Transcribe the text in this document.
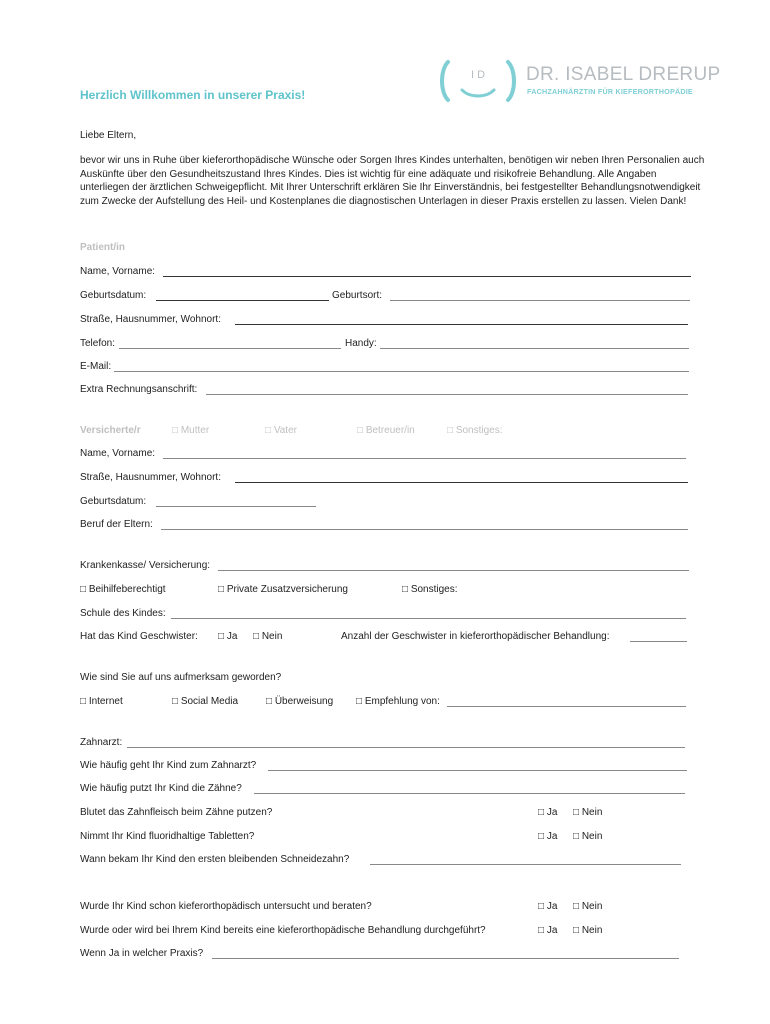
I D DR. ISABEL DRERUP
FACHZAHNÄRZTIN FÜR KIEFERORTHOPÄDIE
Herzlich Willkommen in unserer Praxis!
Liebe Eltern,
bevor wir uns in Ruhe über kieferorthopädische Wünsche oder Sorgen Ihres Kindes unterhalten, benötigen wir neben Ihren Personalien auch Auskünfte über den Gesundheitszustand Ihres Kindes. Dies ist wichtig für eine adäquate und risikofreie Behandlung. Alle Angaben unterliegen der ärztlichen Schweigepflicht. Mit Ihrer Unterschrift erklären Sie Ihr Einverständnis, bei festgestellter Behandlungsnotwendigkeit zum Zwecke der Aufstellung des Heil- und Kostenplanes die diagnostischen Unterlagen in dieser Praxis erstellen zu lassen. Vielen Dank!
Patient/in
Name, Vorname:
Geburtsdatum:	Geburtsort:
Straße, Hausnummer, Wohnort:
Telefon:	Handy:
E-Mail:
Extra Rechnungsanschrift:
Versicherte/r	□ Mutter	□ Vater	□ Betreuer/in	□ Sonstiges:
Name, Vorname:
Straße, Hausnummer, Wohnort:
Geburtsdatum:
Beruf der Eltern:
Krankenkasse/ Versicherung:
□ Beihilfeberechtigt	□ Private Zusatzversicherung	□ Sonstiges:
Schule des Kindes:
Hat das Kind Geschwister: □ Ja □ Nein	Anzahl der Geschwister in kieferorthopädischer Behandlung:
Wie sind Sie auf uns aufmerksam geworden?
□ Internet	□ Social Media	□ Überweisung □ Empfehlung von:
Zahnarzt:
Wie häufig geht Ihr Kind zum Zahnarzt?
Wie häufig putzt Ihr Kind die Zähne?
Blutet das Zahnfleisch beim Zähne putzen?	□ Ja □ Nein
Nimmt Ihr Kind fluoridhaltige Tabletten?	□ Ja □ Nein
Wann bekam Ihr Kind den ersten bleibenden Schneidezahn?
Wurde Ihr Kind schon kieferorthopädisch untersucht und beraten?	□ Ja □ Nein
Wurde oder wird bei Ihrem Kind bereits eine kieferorthopädische Behandlung durchgeführt?	□ Ja □ Nein
Wenn Ja in welcher Praxis?
